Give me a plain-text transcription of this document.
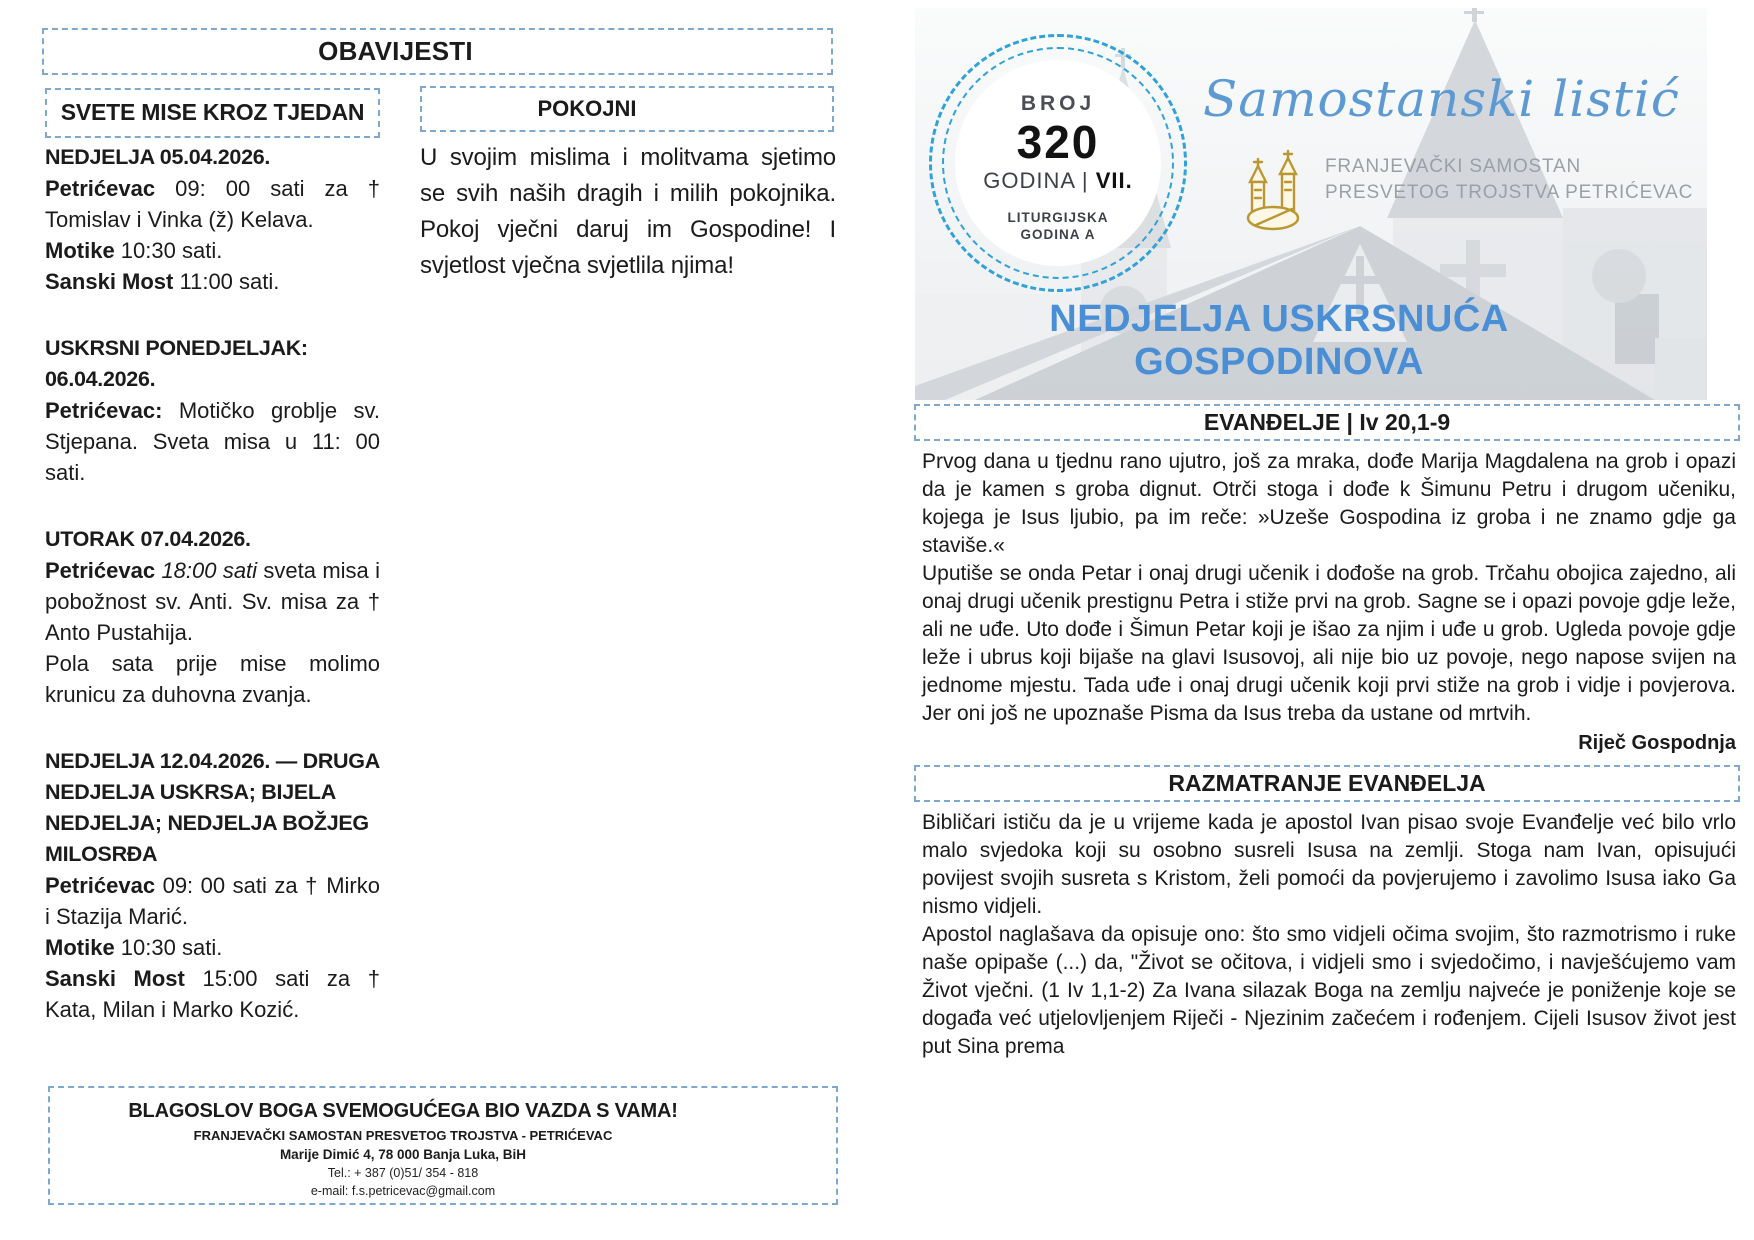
OBAVIJESTI
SVETE MISE KROZ TJEDAN	POKOJNI
NEDJELJA 05.04.2026.

Petrićevac 09: 00 sati za † Tomislav i Vinka (ž) Kelava.

Motike 10:30 sati.

Sanski Most 11:00 sati.

USKRSNI PONEDJELJAK:
06.04.2026.

Petrićevac: Motičko groblje sv. Stjepana. Sveta misa u 11: 00 sati.

UTORAK 07.04.2026.

Petrićevac 18:00 sati sveta misa i pobožnost sv. Anti. Sv. misa za † Anto Pustahija.

Pola sata prije mise molimo krunicu za duhovna zvanja.

NEDJELJA 12.04.2026. — DRUGA
NEDJELJA USKRSA; BIJELA
NEDJELJA; NEDJELJA BOŽJEG
MILOSRĐA

Petrićevac 09: 00 sati za † Mirko i Stazija Marić.

Motike 10:30 sati.

Sanski Most 15:00 sati za † Kata, Milan i Marko Kozić.

U svojim mislima i molitvama sjetimo se svih naših dragih i milih pokojnika. Pokoj vječni daruj im Gospodine! I svjetlost vječna svjetlila njima!
BLAGOSLOV BOGA SVEMOGUĆEGA BIO VAZDA S VAMA!
FRANJEVAČKI SAMOSTAN PRESVETOG TROJSTVA - PETRIĆEVAC
Marije Dimić 4, 78 000 Banja Luka, BiH
Tel.: + 387 (0)51/ 354 - 818
e-mail: f.s.petricevac@gmail.com
BROJ
320
GODINA | VII.
LITURGIJSKA
GODINA A
Samostanski listić
FRANJEVAČKI SAMOSTAN
PRESVETOG TROJSTVA PETRIĆEVAC
NEDJELJA USKRSNUĆA GOSPODINOVA
EVANĐELJE | Iv 20,1-9

Prvog dana u tjednu rano ujutro, još za mraka, dođe Marija Magdalena na grob i opazi da je kamen s groba dignut. Otrči stoga i dođe k Šimunu Petru i drugom učeniku, kojega je Isus ljubio, pa im reče: »Uzeše Gospodina iz groba i ne znamo gdje ga staviše.«

Uputiše se onda Petar i onaj drugi učenik i dođoše na grob. Trčahu obojica zajedno, ali onaj drugi učenik prestignu Petra i stiže prvi na grob. Sagne se i opazi povoje gdje leže, ali ne uđe. Uto dođe i Šimun Petar koji je išao za njim i uđe u grob. Ugleda povoje gdje leže i ubrus koji bijaše na glavi Isusovoj, ali nije bio uz povoje, nego napose svijen na jednome mjestu. Tada uđe i onaj drugi učenik koji prvi stiže na grob i vidje i povjerova. Jer oni još ne upoznaše Pisma da Isus treba da ustane od mrtvih.

Riječ Gospodnja
RAZMATRANJE EVANĐELJA

Bibličari ističu da je u vrijeme kada je apostol Ivan pisao svoje Evanđelje već bilo vrlo malo svjedoka koji su osobno susreli Isusa na zemlji. Stoga nam Ivan, opisujući povijest svojih susreta s Kristom, želi pomoći da povjerujemo i zavolimo Isusa iako Ga nismo vidjeli.

Apostol naglašava da opisuje ono: što smo vidjeli očima svojim, što razmotrismo i ruke naše opipaše (...) da, "Život se očitova, i vidjeli smo i svjedočimo, i navješćujemo vam Život vječni. (1 Iv 1,1-2) Za Ivana silazak Boga na zemlju najveće je poniženje koje se događa već utjelovljenjem Riječi - Njezinim začećem i rođenjem. Cijeli Isusov život jest put Sina prema
